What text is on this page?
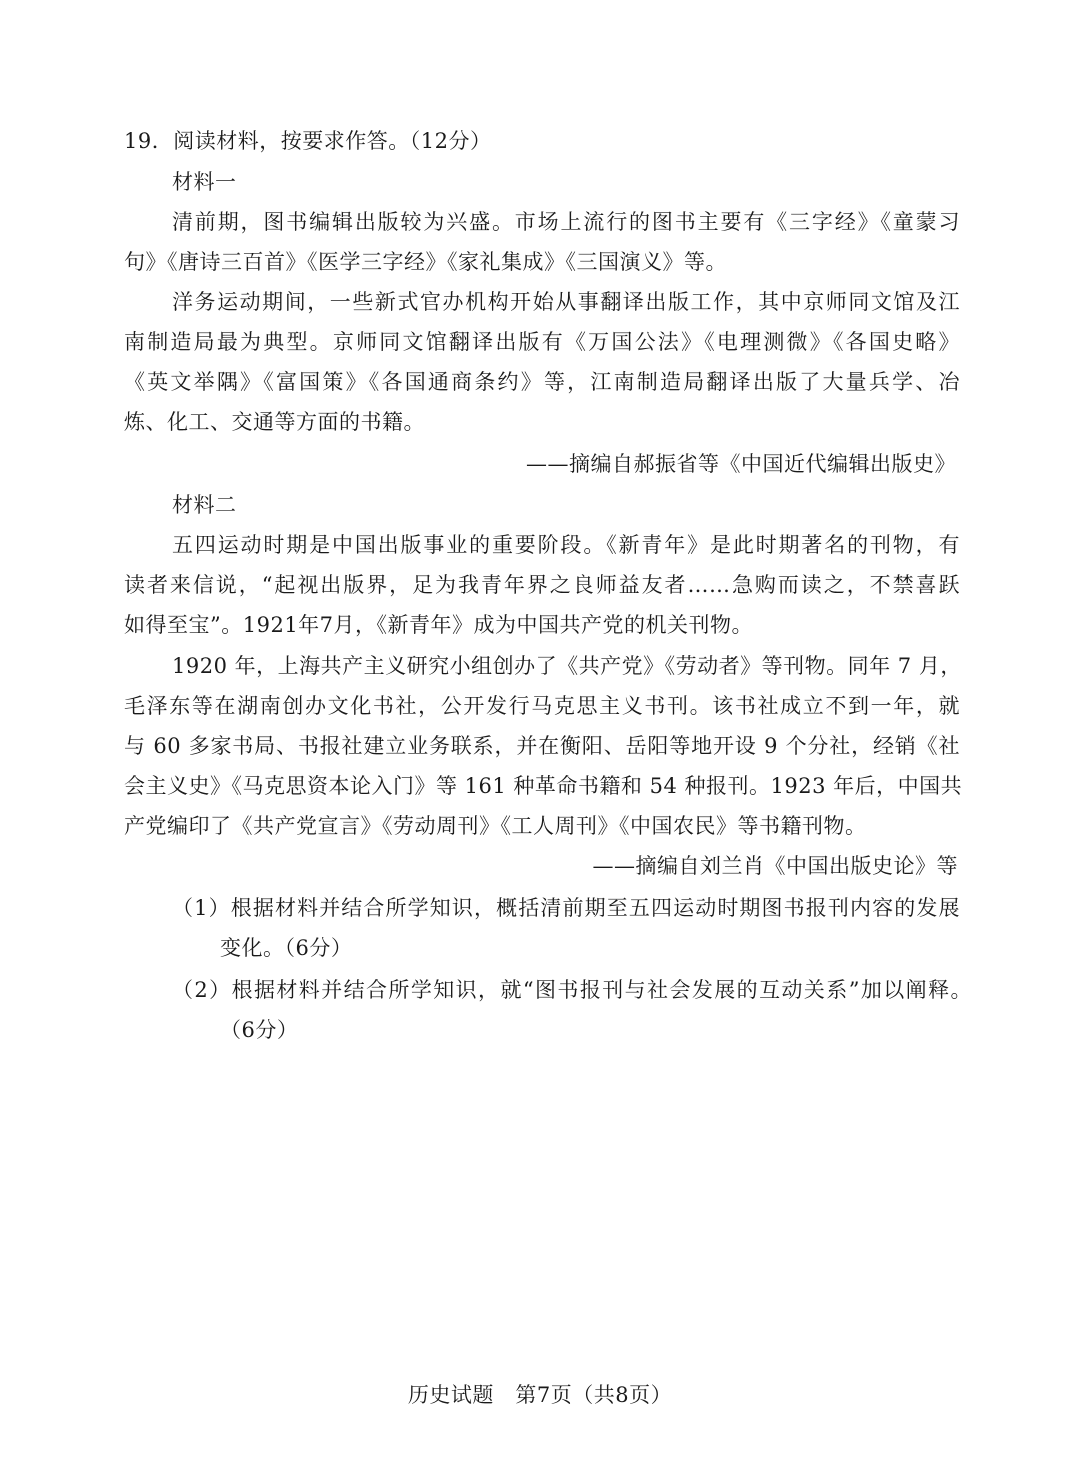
19．阅读材料，按要求作答。（12分）
材料一
清前期，图书编辑出版较为兴盛。市场上流行的图书主要有《三字经》《童蒙习
句》《唐诗三百首》《医学三字经》《家礼集成》《三国演义》等。
洋务运动期间，一些新式官办机构开始从事翻译出版工作，其中京师同文馆及江
南制造局最为典型。京师同文馆翻译出版有《万国公法》《电理测微》《各国史略》
《英文举隅》《富国策》《各国通商条约》等，江南制造局翻译出版了大量兵学、冶
炼、化工、交通等方面的书籍。
——摘编自郝振省等《中国近代编辑出版史》
材料二
五四运动时期是中国出版事业的重要阶段。《新青年》是此时期著名的刊物，有
读者来信说，“起视出版界，足为我青年界之良师益友者……急购而读之，不禁喜跃
如得至宝”。1921年7月，《新青年》成为中国共产党的机关刊物。
1920 年，上海共产主义研究小组创办了《共产党》《劳动者》等刊物。同年 7 月，
毛泽东等在湖南创办文化书社，公开发行马克思主义书刊。该书社成立不到一年，就
与 60 多家书局、书报社建立业务联系，并在衡阳、岳阳等地开设 9 个分社，经销《社
会主义史》《马克思资本论入门》等 161 种革命书籍和 54 种报刊。1923 年后，中国共
产党编印了《共产党宣言》《劳动周刊》《工人周刊》《中国农民》等书籍刊物。
——摘编自刘兰肖《中国出版史论》等
（1）根据材料并结合所学知识，概括清前期至五四运动时期图书报刊内容的发展
变化。（6分）
（2）根据材料并结合所学知识，就“图书报刊与社会发展的互动关系”加以阐释。
（6分）
历史试题　第7页（共8页）
